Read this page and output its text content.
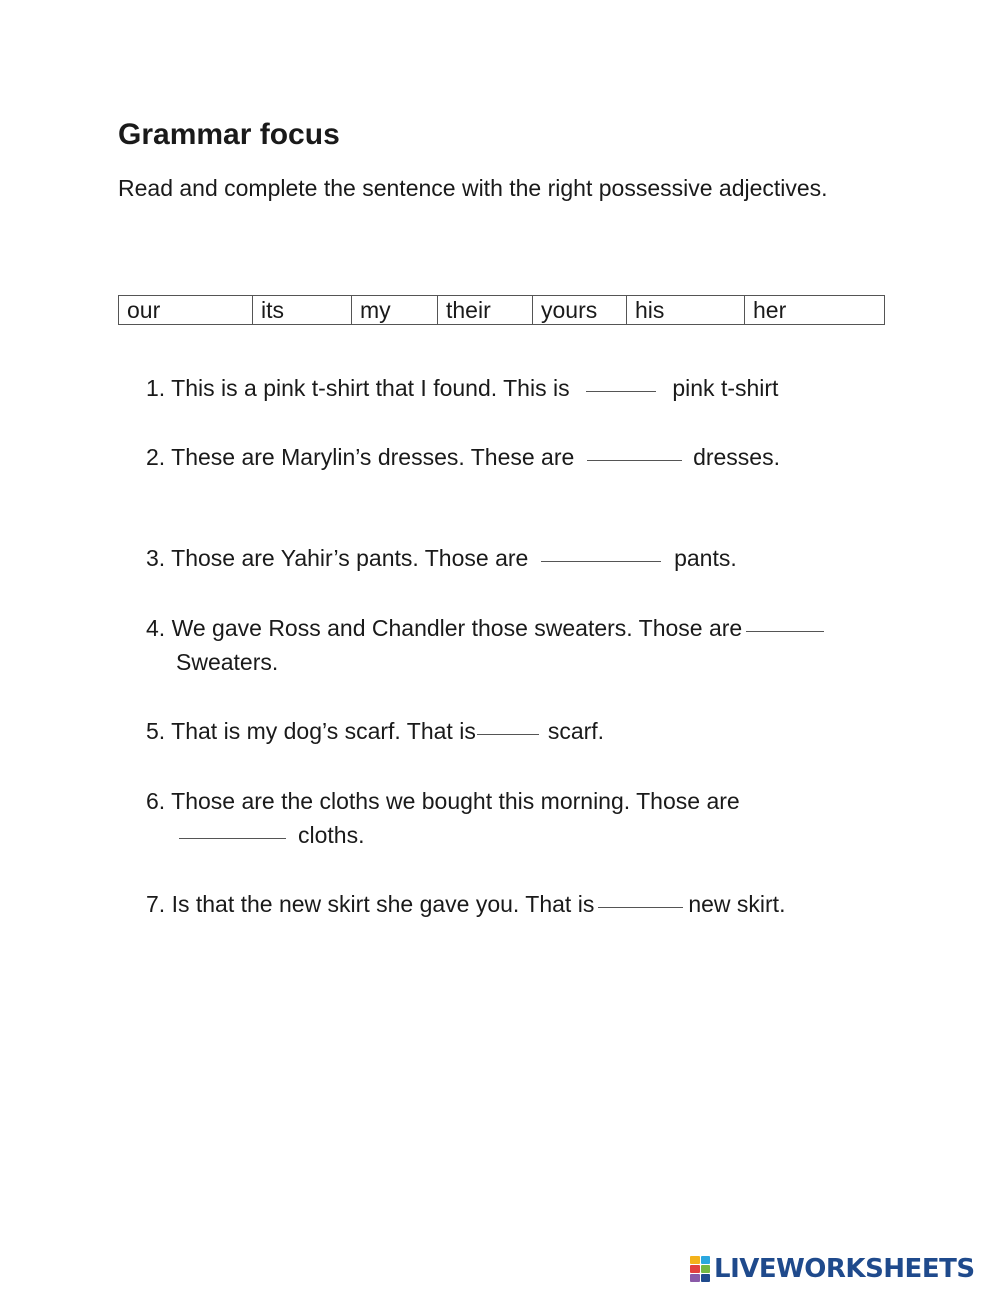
Grammar focus

Read and complete the sentence with the right possessive adjectives.

our	its	my	their	yours	his	her
1. This is a pink t-shirt that I found. This is	pink t-shirt
2. These are Marylin’s dresses. These are	dresses.
3. Those are Yahir’s pants. Those are	pants.
4. We gave Ross and Chandler those sweaters. Those are
Sweaters.
5. That is my dog’s scarf. That is	scarf.
6. Those are the cloths we bought this morning. Those are
cloths.
7. Is that the new skirt she gave you. That is	new skirt.
LIVEWORKSHEETS
